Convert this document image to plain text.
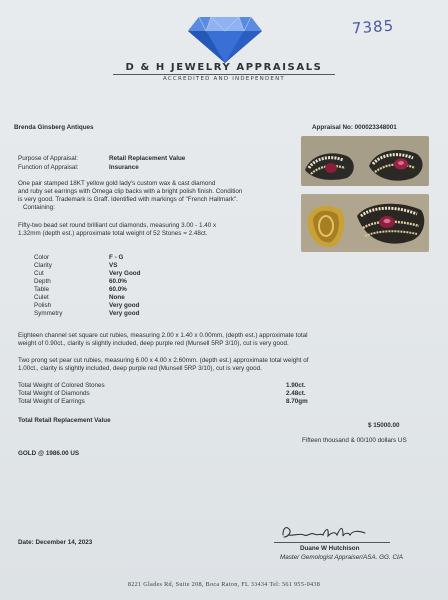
7385
D & H JEWELRY APPRAISALS
ACCREDITED AND INDEPENDENT
Brenda Ginsberg Antiques	Appraisal No: 000023348001
Purpose of Appraisal:	Retail Replacement Value
Function of Appraisal:	Insurance
One pair stamped 18KT yellow gold lady's custom wax & cast diamond
and ruby set earrings with Omega clip backs with a bright polish finish. Condition
is very good. Trademark is Graff. Identified with markings of "French Hallmark".
Containing:
Fifty-two bead set round brilliant cut diamonds, measuring 3.00 - 1.40 x
1.32mm (depth est.) approximate total weight of 52 Stones = 2.48ct.
Color	F - G
Clarity	VS
Cut	Very Good
Depth	60.0%
Table	60.0%
Culet	None
Polish	Very good
Symmetry	Very good
Eighteen channel set square cut rubies, measuring 2.00 x 1.40 x 0.00mm, (depth est.) approximate total
weight of 0.90ct., clarity is slightly included, deep purple red (Munsell 5RP 3/10), cut is very good.
Two prong set pear cut rubies, measuring 6.00 x 4.00 x 2.60mm. (depth est.) approximate total weight of
1.00ct., clarity is slightly included, deep purple red (Munsell 5RP 3/10), cut is very good.
Total Weight of Colored Stones	1.90ct.
Total Weight of Diamonds	2.48ct.
Total Weight of Earrings	8.70gm
Total Retail Replacement Value
$ 15000.00
Fifteen thousand & 00/100 dollars US
GOLD @ 1986.00 US
Date: December 14, 2023
Duane W Hutchison
Master Gemologist Appraiser/ASA. GG. CIA
8221 Glades Rd, Suite 208, Boca Raton, FL 33434 Tel: 561 955-0438
